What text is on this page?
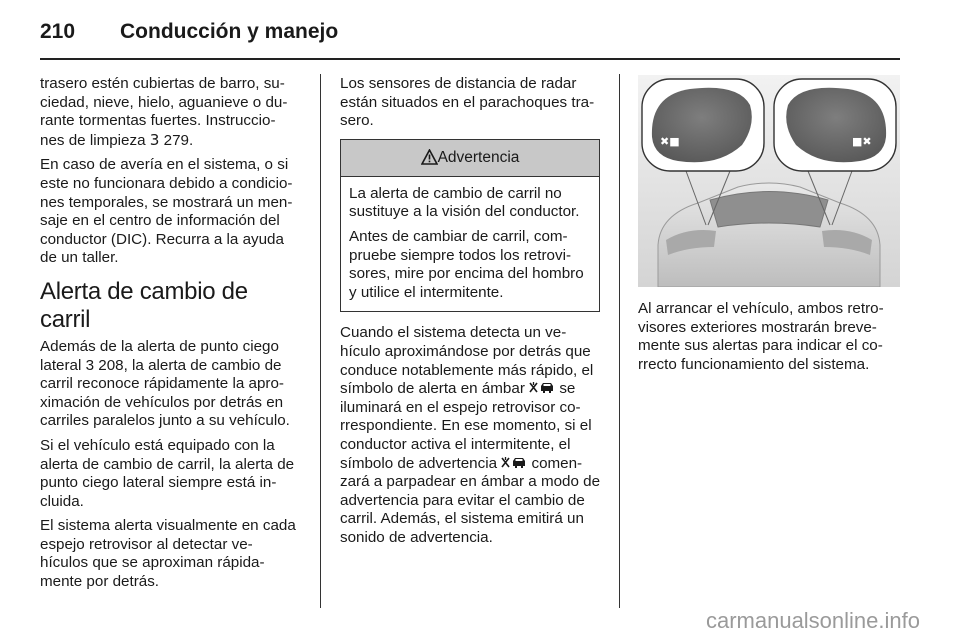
210 Conducción y manejo

trasero estén cubiertas de barro, su- ciedad, nieve, hielo, aguanieve o du- rante tormentas fuertes. Instruccio- nes de limpieza 3 279.

En caso de avería en el sistema, o si este no funcionara debido a condicio- nes temporales, se mostrará un men- saje en el centro de información del conductor (DIC). Recurra a la ayuda de un taller.

Alerta de cambio de carril

Además de la alerta de punto ciego lateral 3 208, la alerta de cambio de carril reconoce rápidamente la apro- ximación de vehículos por detrás en carriles paralelos junto a su vehículo.

Si el vehículo está equipado con la alerta de cambio de carril, la alerta de punto ciego lateral siempre está in- cluida.

El sistema alerta visualmente en cada espejo retrovisor al detectar ve- hículos que se aproximan rápida- mente por detrás.

Los sensores de distancia de radar están situados en el parachoques tra- sero.

Advertencia

La alerta de cambio de carril no sustituye a la visión del conductor.

Antes de cambiar de carril, com- pruebe siempre todos los retrovi- sores, mire por encima del hombro y utilice el intermitente.

Cuando el sistema detecta un ve- hículo aproximándose por detrás que conduce notablemente más rápido, el símbolo de alerta en ámbar  se iluminará en el espejo retrovisor co- rrespondiente. En ese momento, si el conductor activa el intermitente, el símbolo de advertencia  comen- zará a parpadear en ámbar a modo de advertencia para evitar el cambio de carril. Además, el sistema emitirá un sonido de advertencia.

✖■	■✖

Al arrancar el vehículo, ambos retro- visores exteriores mostrarán breve- mente sus alertas para indicar el co- rrecto funcionamiento del sistema.

carmanualsonline.info
